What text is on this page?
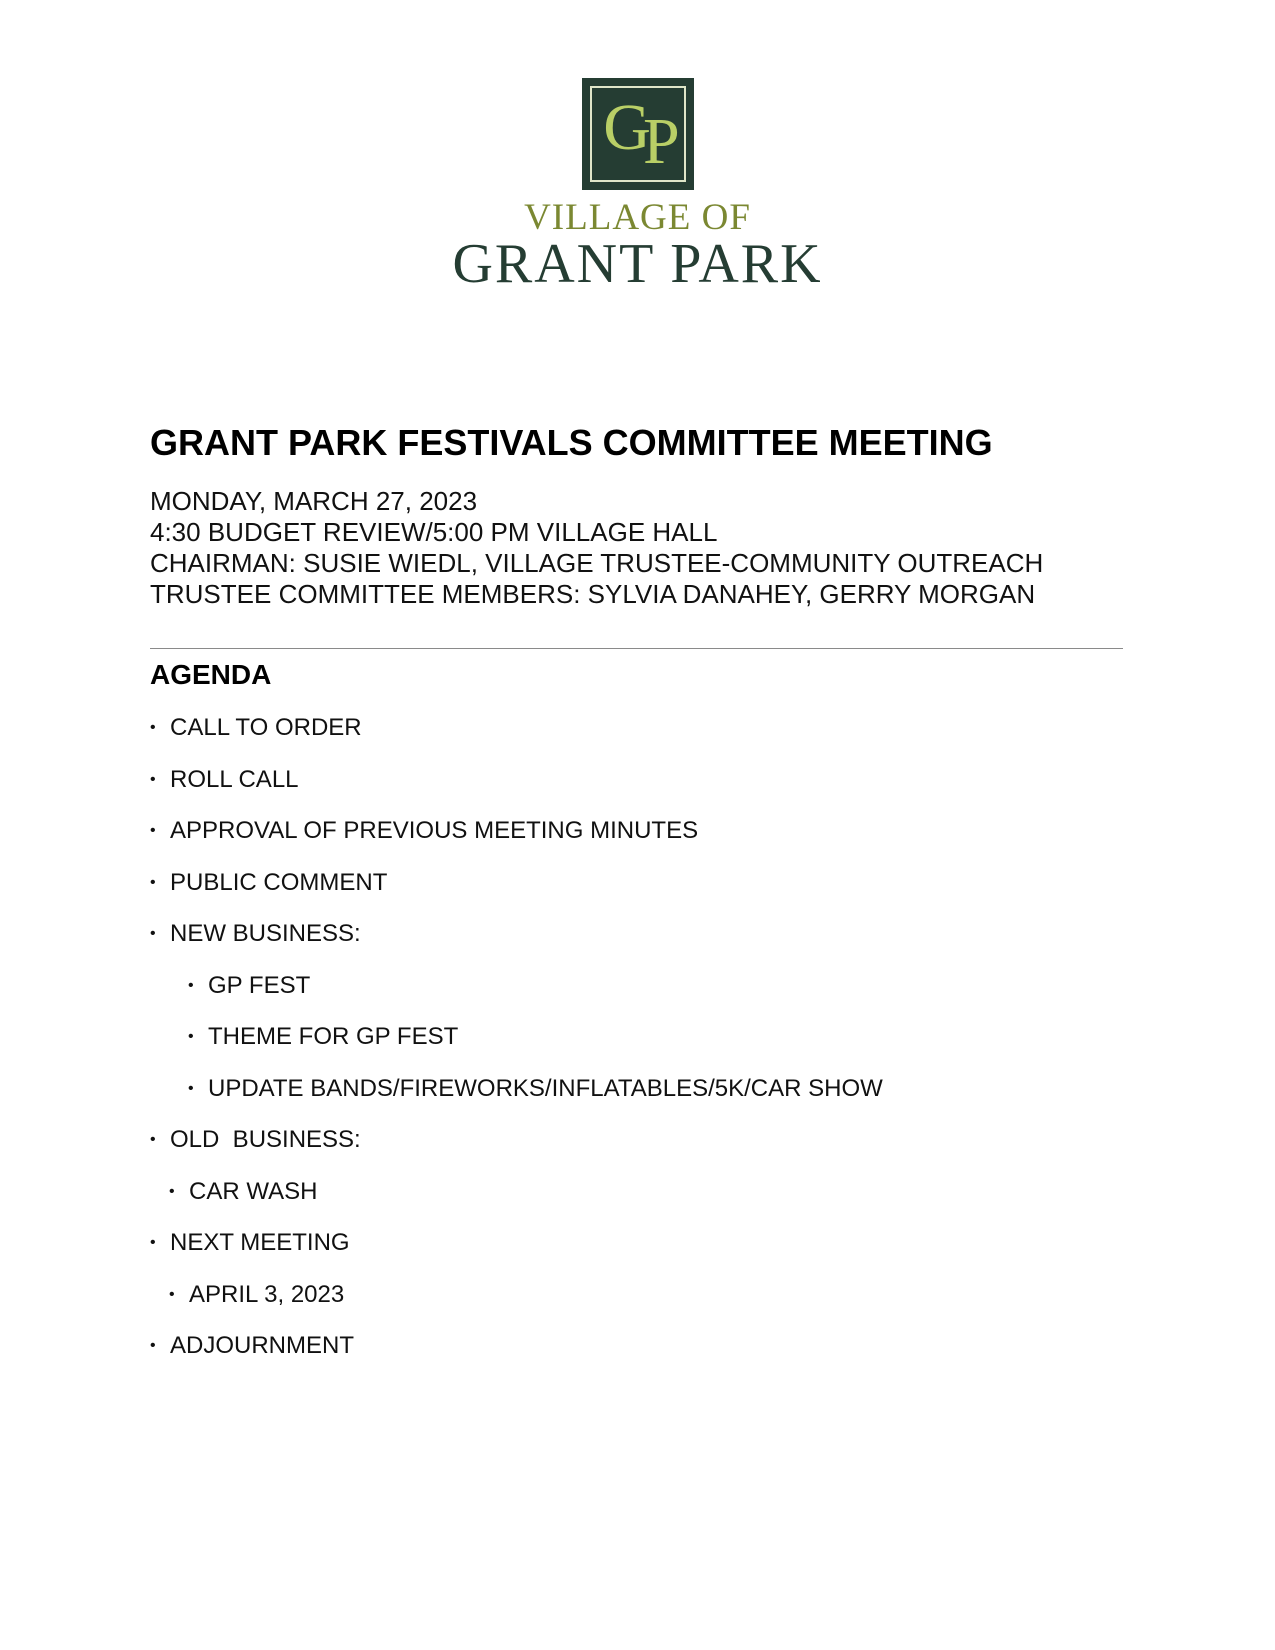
GP
VILLAGE OF
GRANT PARK
GRANT PARK FESTIVALS COMMITTEE MEETING
MONDAY, MARCH 27, 2023
4:30 BUDGET REVIEW/5:00 PM VILLAGE HALL
CHAIRMAN: SUSIE WIEDL, VILLAGE TRUSTEE-COMMUNITY OUTREACH
TRUSTEE COMMITTEE MEMBERS: SYLVIA DANAHEY, GERRY MORGAN
AGENDA
• CALL TO ORDER
• ROLL CALL
• APPROVAL OF PREVIOUS MEETING MINUTES
• PUBLIC COMMENT
• NEW BUSINESS:
• GP FEST
• THEME FOR GP FEST
• UPDATE BANDS/FIREWORKS/INFLATABLES/5K/CAR SHOW
• OLD  BUSINESS:
• CAR WASH
• NEXT MEETING
• APRIL 3, 2023
• ADJOURNMENT
